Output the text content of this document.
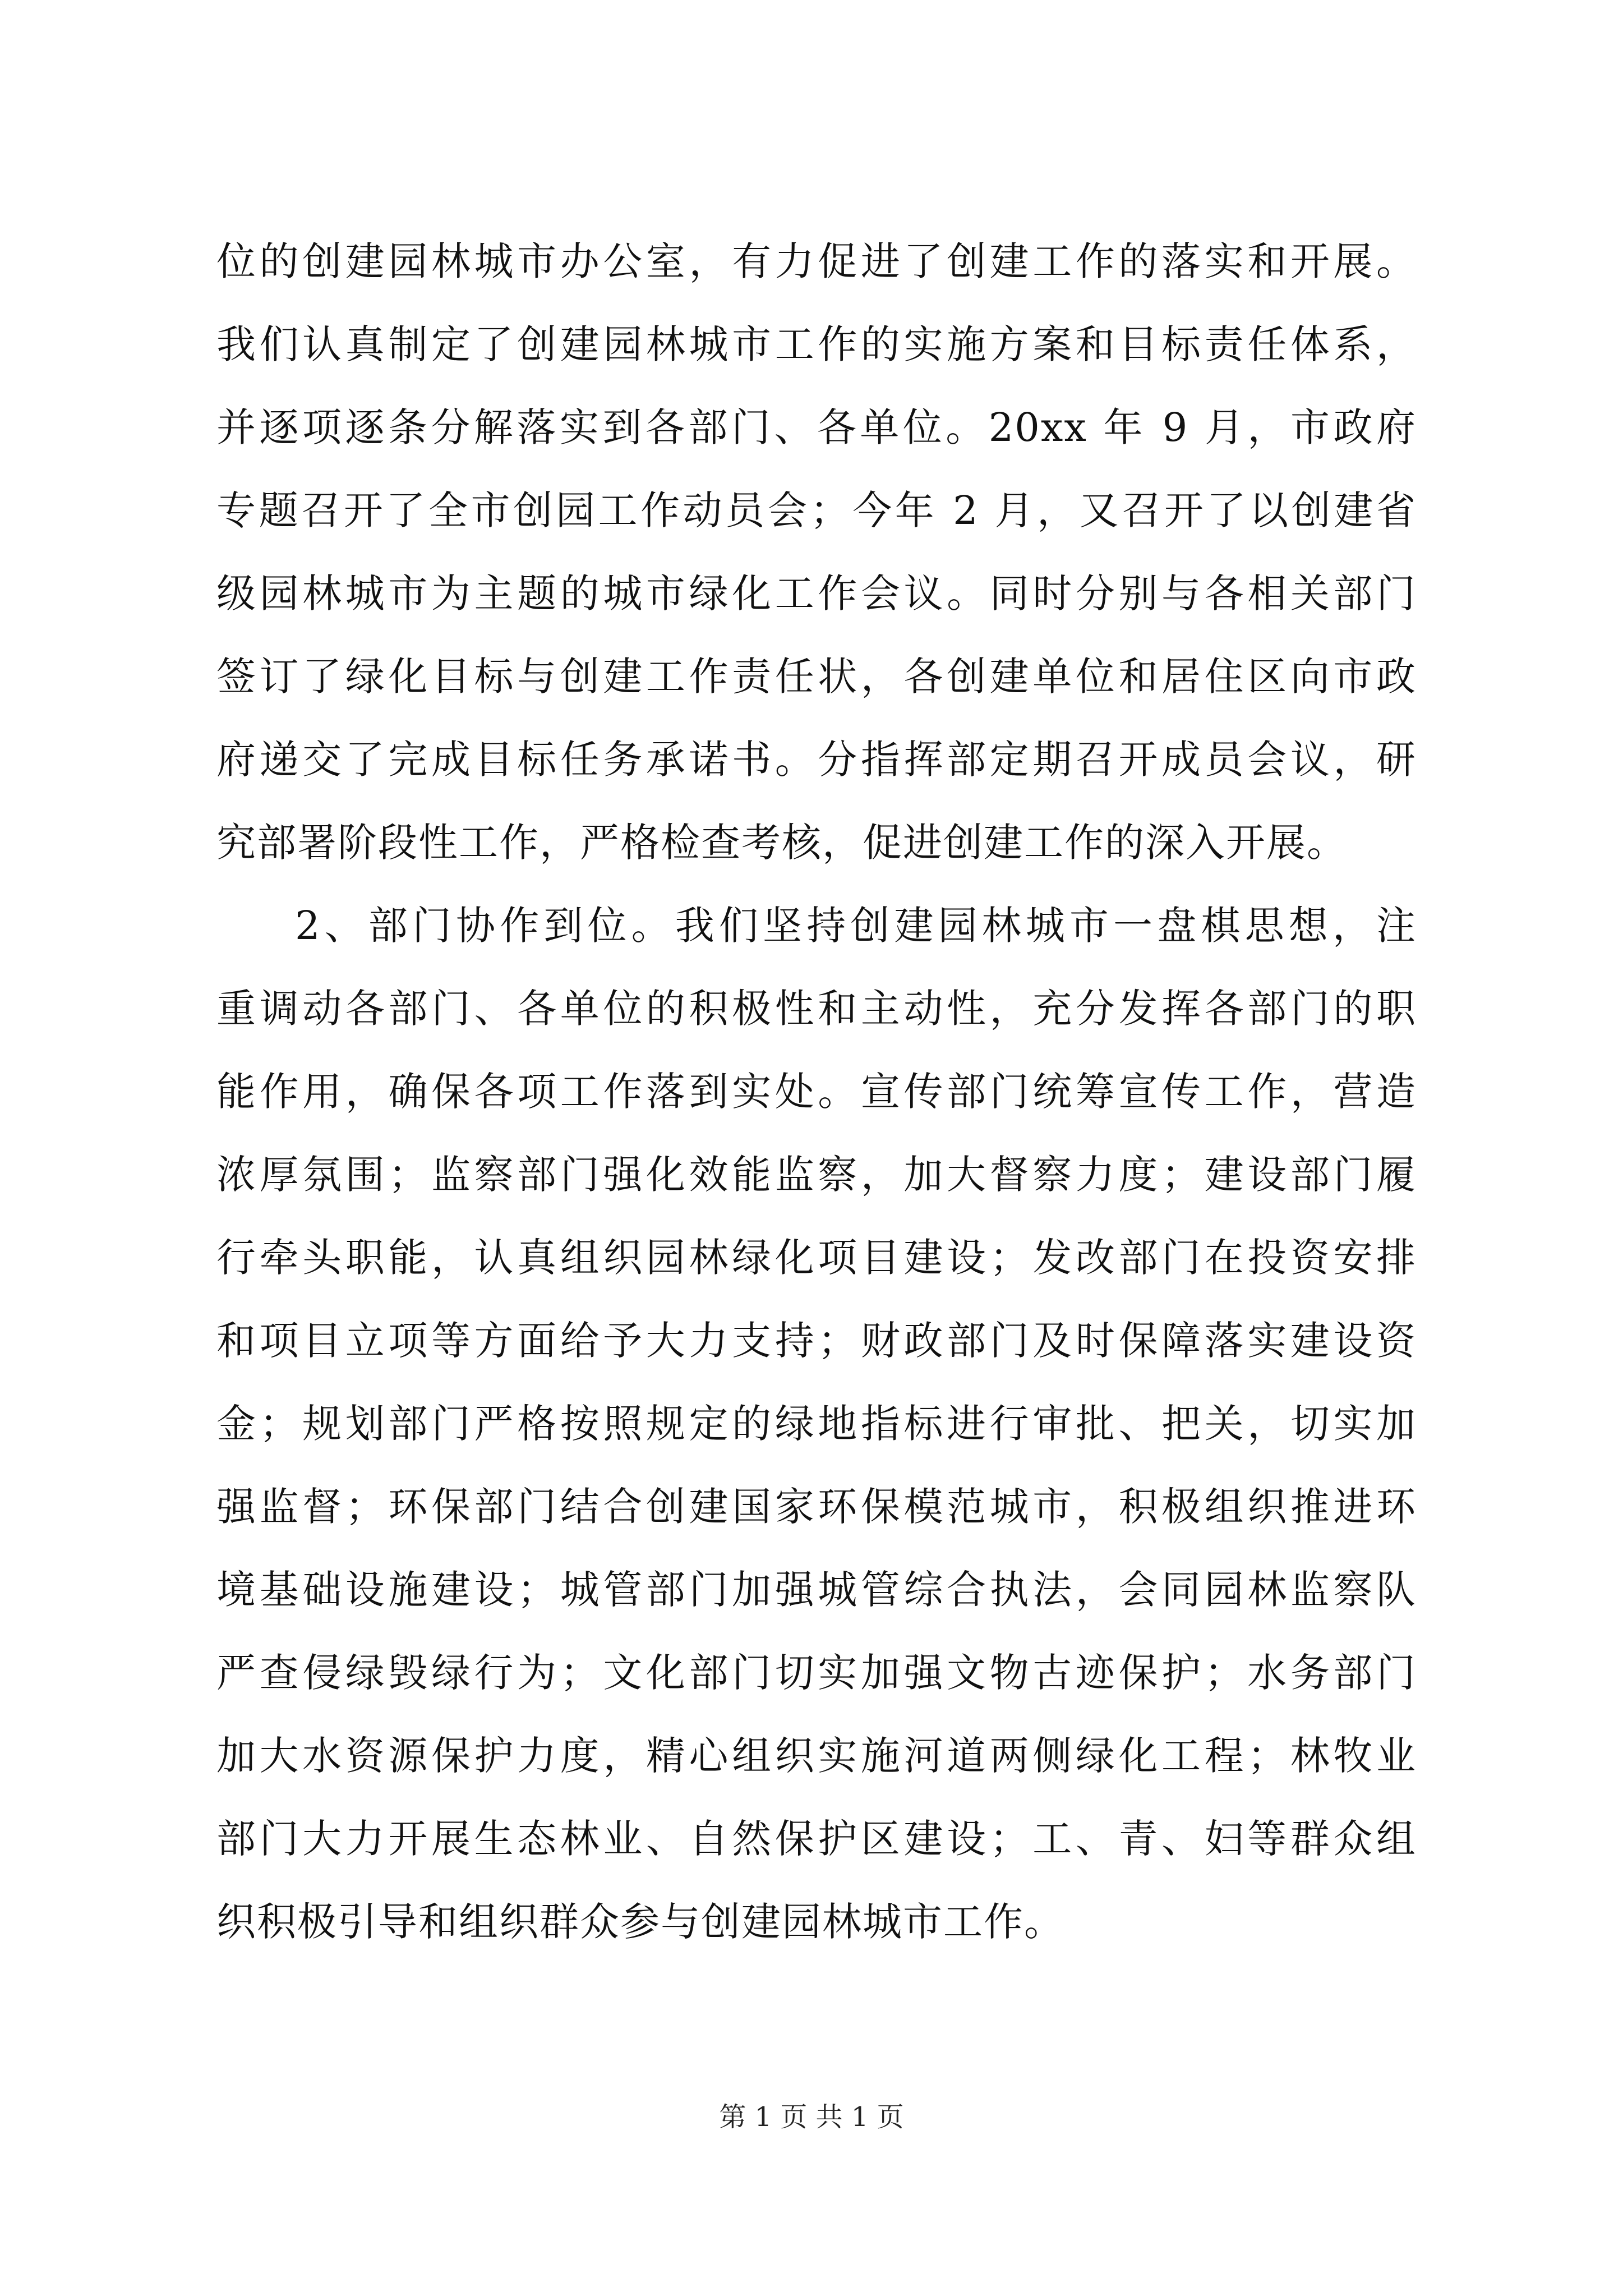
位的创建园林城市办公室，有力促进了创建工作的落实和开展。
我们认真制定了创建园林城市工作的实施方案和目标责任体系，
并逐项逐条分解落实到各部门、各单位。20xx 年 9 月，市政府
专题召开了全市创园工作动员会；今年 2 月，又召开了以创建省
级园林城市为主题的城市绿化工作会议。同时分别与各相关部门
签订了绿化目标与创建工作责任状，各创建单位和居住区向市政
府递交了完成目标任务承诺书。分指挥部定期召开成员会议，研
究部署阶段性工作，严格检查考核，促进创建工作的深入开展。
2、部门协作到位。我们坚持创建园林城市一盘棋思想，注
重调动各部门、各单位的积极性和主动性，充分发挥各部门的职
能作用，确保各项工作落到实处。宣传部门统筹宣传工作，营造
浓厚氛围；监察部门强化效能监察，加大督察力度；建设部门履
行牵头职能，认真组织园林绿化项目建设；发改部门在投资安排
和项目立项等方面给予大力支持；财政部门及时保障落实建设资
金；规划部门严格按照规定的绿地指标进行审批、把关，切实加
强监督；环保部门结合创建国家环保模范城市，积极组织推进环
境基础设施建设；城管部门加强城管综合执法，会同园林监察队
严查侵绿毁绿行为；文化部门切实加强文物古迹保护；水务部门
加大水资源保护力度，精心组织实施河道两侧绿化工程；林牧业
部门大力开展生态林业、自然保护区建设；工、青、妇等群众组
织积极引导和组织群众参与创建园林城市工作。
第 1 页 共 1 页
